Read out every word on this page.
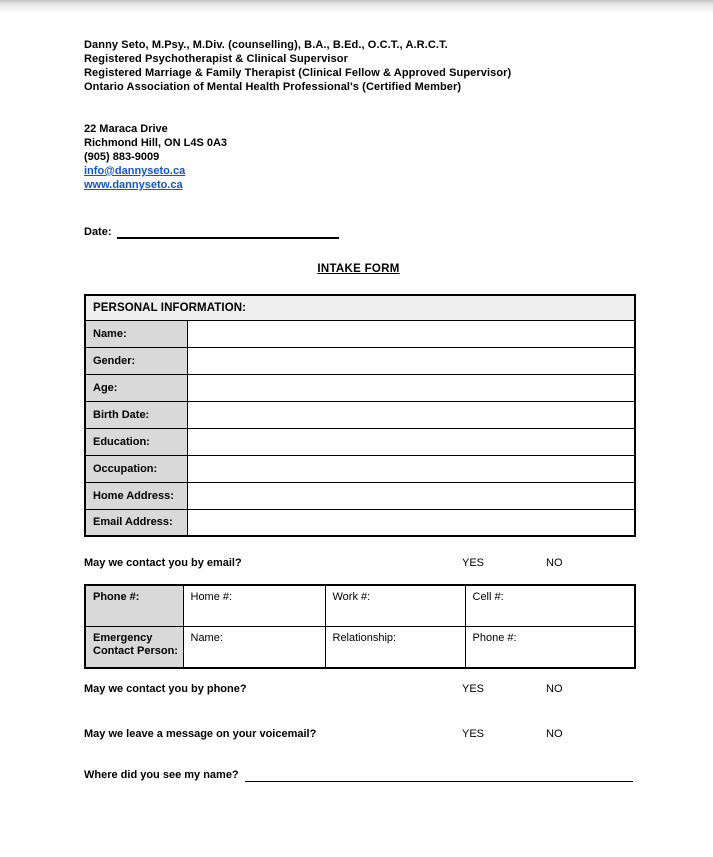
Danny Seto, M.Psy., M.Div. (counselling), B.A., B.Ed., O.C.T., A.R.C.T.
Registered Psychotherapist & Clinical Supervisor
Registered Marriage & Family Therapist (Clinical Fellow & Approved Supervisor)
Ontario Association of Mental Health Professional's (Certified Member)
22 Maraca Drive
Richmond Hill, ON L4S 0A3
(905) 883-9009
info@dannyseto.ca
www.dannyseto.ca
Date:
INTAKE FORM
PERSONAL INFORMATION:	
Name:	
Gender:	
Age:	
Birth Date:	
Education:	
Occupation:	
Home Address:	
Email Address:	
May we contact you by email?	YES	NO
Phone #:	Home #:	Work #:	Cell #:
Emergency Contact Person:	Name:	Relationship:	Phone #:
May we contact you by phone?	YES	NO
May we leave a message on your voicemail?	YES	NO
Where did you see my name?
